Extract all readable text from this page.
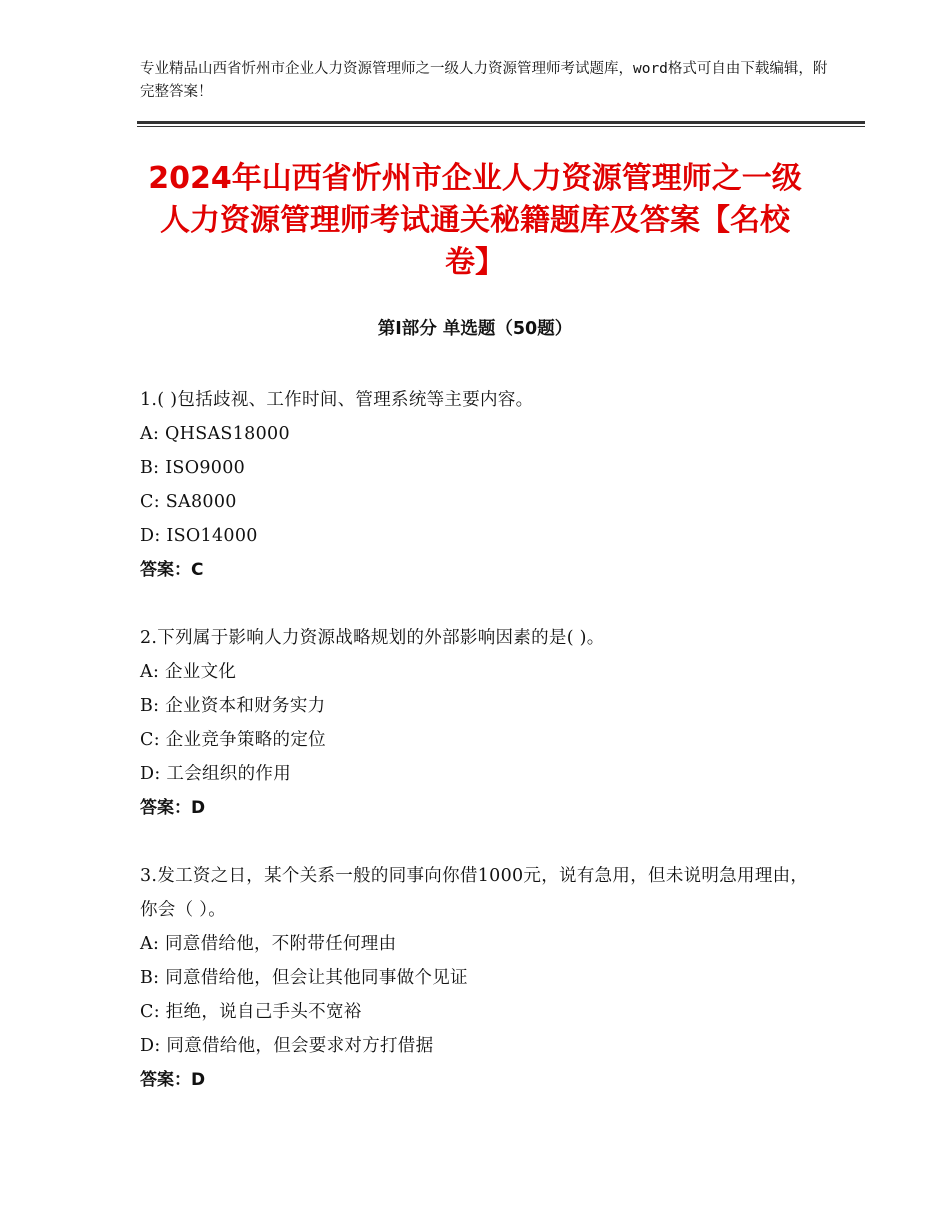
专业精品山西省忻州市企业人力资源管理师之一级人力资源管理师考试题库，word格式可自由下载编辑，附完整答案！
2024年山西省忻州市企业人力资源管理师之一级人力资源管理师考试通关秘籍题库及答案【名校卷】
第Ⅰ部分 单选题（50题）
1.( )包括歧视、工作时间、管理系统等主要内容。
A: QHSAS18000
B: ISO9000
C: SA8000
D: ISO14000
答案：C
2.下列属于影响人力资源战略规划的外部影响因素的是( )。
A: 企业文化
B: 企业资本和财务实力
C: 企业竞争策略的定位
D: 工会组织的作用
答案：D
3.发工资之日，某个关系一般的同事向你借1000元，说有急用，但未说明急用理由，你会（ ）。
A: 同意借给他，不附带任何理由
B: 同意借给他，但会让其他同事做个见证
C: 拒绝，说自己手头不宽裕
D: 同意借给他，但会要求对方打借据
答案：D
